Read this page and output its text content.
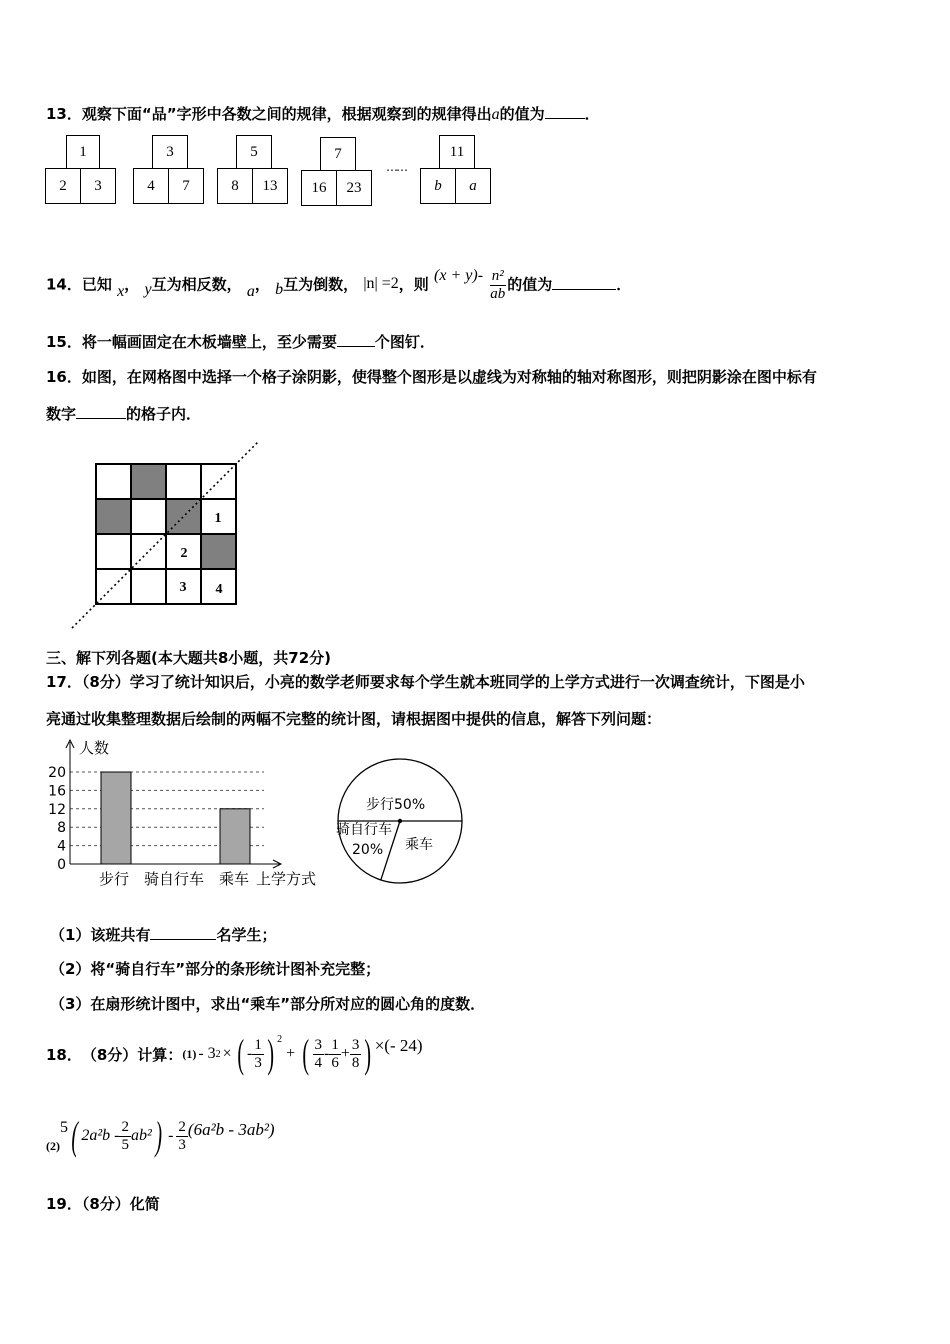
13．观察下面“品”字形中各数之间的规律，根据观察到的规律得出a的值为	．
1
2	3
3
4	7
5
8	13
7
16	23
……
11
b	a
14．已知 x， y互为相反数， a， b互为倒数， |n| =2，则 $(x + y)- \frac{\text{n²}}{ab}$ 的值为	．
15．将一幅画固定在木板墙壁上，至少需要	个图钉．
16．如图，在网格图中选择一个格子涂阴影，使得整个图形是以虚线为对称轴的轴对称图形，则把阴影涂在图中标有
数字	的格子内．
1
2
3 4
三、解下列各题(本大题共8小题，共72分)
17．（8分）学习了统计知识后，小亮的数学老师要求每个学生就本班同学的上学方式进行一次调查统计，下图是小
亮通过收集整理数据后绘制的两幅不完整的统计图，请根据图中提供的信息，解答下列问题：
0
4
8
12
16
20
人数
上学方式
步行 骑自行车 乘车
步行50%
骑自行车
20% 乘车
（1）该班共有	名学生；
（2）将“骑自行车”部分的条形统计图补充完整；
（3）在扇形统计图中，求出“乘车”部分所对应的圆心角的度数．
18． （8分）计算： (1) - 3 2 × ( - $\frac{1}{3}$ ) $^2$
+ ( $\frac{3}{4} - \frac{1}{6} + \frac{3}{8}$ ) ×(- 24)
(2)
5 ( $2a^2b - \frac{2}{5} ab^2$ ) - $\frac{2}{3} (6a^2b - 3ab^2)$
19．（8分）化简
